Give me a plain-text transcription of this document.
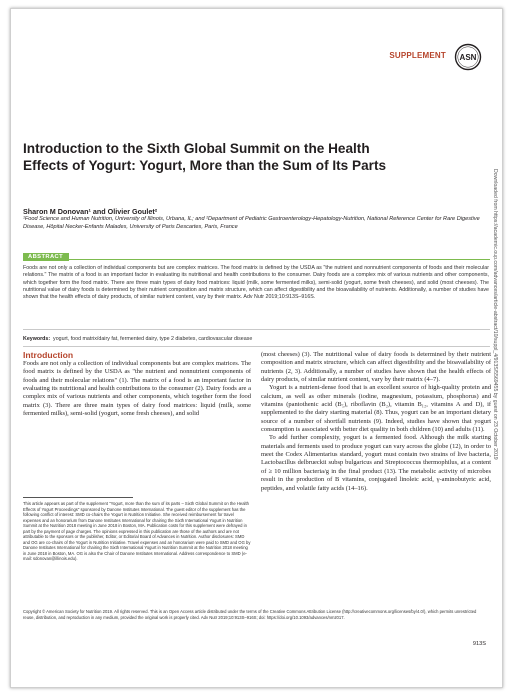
SUPPLEMENT ASN
Introduction to the Sixth Global Summit on the Health Effects of Yogurt: Yogurt, More than the Sum of Its Parts
Sharon M Donovan¹ and Olivier Goulet²
¹Food Science and Human Nutrition, University of Illinois, Urbana, IL; and ²Department of Pediatric Gastroenterology-Hepatology-Nutrition, National Reference Center for Rare Digestive Disease, Hôpital Necker-Enfants Malades, University of Paris Descartes, Paris, France
ABSTRACT

Foods are not only a collection of individual components but are complex matrices. The food matrix is defined by the USDA as "the nutrient and nonnutrient components of foods and their molecular relations." The matrix of a food is an important factor in evaluating its nutritional and health contributions to the consumer. Dairy foods are a complex mix of various nutrients and other components, which together form the food matrix. There are three main types of dairy food matrices: liquid (milk, some fermented milks), semi-solid (yogurt, some fresh cheeses), and solid (most cheeses). The nutritional value of dairy foods is determined by their nutrient composition and matrix structure, which can affect digestibility and the bioavailability of nutrients. Additionally, a number of studies have shown that the health effects of dairy products, of similar nutrient content, vary by their matrix. Adv Nutr 2019;10:913S–916S.

Keywords: yogurt, food matrix/dairy fat, fermented dairy, type 2 diabetes, cardiovascular disease
Introduction

Foods are not only a collection of individual components but are complex matrices. The food matrix is defined by the USDA as "the nutrient and nonnutrient components of foods and their molecular relations" (1). The matrix of a food is an important factor in evaluating its nutritional and health contributions to the consumer (2). Dairy foods are a complex mix of various nutrients and other components, which together form the food matrix (3). There are three main types of dairy food matrices: liquid (milk, some fermented milks), semi-solid (yogurt, some fresh cheeses), and solid

(most cheeses) (3). The nutritional value of dairy foods is determined by their nutrient composition and matrix structure, which can affect digestibility and the bioavailability of nutrients (2, 3). Additionally, a number of studies have shown that the health effects of dairy products, of similar nutrient content, vary by their matrix (4–7).

Yogurt is a nutrient-dense food that is an excellent source of high-quality protein and calcium, as well as other minerals (iodine, magnesium, potassium, phosphorus) and vitamins (pantothenic acid (B₅), riboflavin (B₂), vitamin B₁₂, vitamins A and D), if supplemented to the dairy starting material (8). Thus, yogurt can be an important dietary source of a number of shortfall nutrients (9). Indeed, studies have shown that yogurt consumption is associated with better diet quality in both children (10) and adults (11).

To add further complexity, yogurt is a fermented food. Although the milk starting materials and ferments used to produce yogurt can vary across the globe (12), in order to meet the Codex Alimentarius standard, yogurt must contain two strains of live bacteria, Lactobacillus delbrueckii subsp bulgaricus and Streptococcus thermophilus, at a content of ≥ 10 million bacteria/g in the final product (13). The metabolic activity of microbes result in the production of B vitamins, conjugated linoleic acid, γ-aminobutyric acid, peptides, and volatile fatty acids (14–16).

This article appears as part of the supplement "Yogurt, more than the sum of its parts – Sixth Global Summit on the Health Effects of Yogurt Proceedings" sponsored by Danone Institutes International. The guest editor of the supplement has the following conflict of interest: SMD co-chairs the Yogurt in Nutrition Initiative. She received reimbursement for travel expenses and an honorarium from Danone Institutes International for chairing the Sixth International Yogurt in Nutrition Summit at the Nutrition 2018 meeting in June 2018 in Boston, MA. Publication costs for this supplement were defrayed in part by the payment of page charges. The opinions expressed in this publication are those of the authors and are not attributable to the sponsors or the publisher, Editor, or Editorial Board of Advances in Nutrition. Author disclosures: SMD and OG are co-chairs of the Yogurt in Nutrition Initiative. Travel expenses and an honorarium were paid to SMD and OG by Danone Institutes International for chairing the Sixth International Yogurt in Nutrition Summit at the Nutrition 2018 meeting in June 2018 in Boston, MA. OG is also the Chair of Danone Institutes International. Address correspondence to SMD (e-mail: sdonovan@illinois.edu).

Copyright © American Society for Nutrition 2019. All rights reserved. This is an Open Access article distributed under the terms of the Creative Commons Attribution License (http://creativecommons.org/licenses/by/4.0/), which permits unrestricted reuse, distribution, and reproduction in any medium, provided the original work is properly cited. Adv Nutr 2019;10:913S–916S; doi: https://doi.org/10.1093/advances/nmz017.

913S
Downloaded from https://academic.oup.com/advances/article-abstract/10/suppl_4/913S/5569455 by guest on 23 October 2019
